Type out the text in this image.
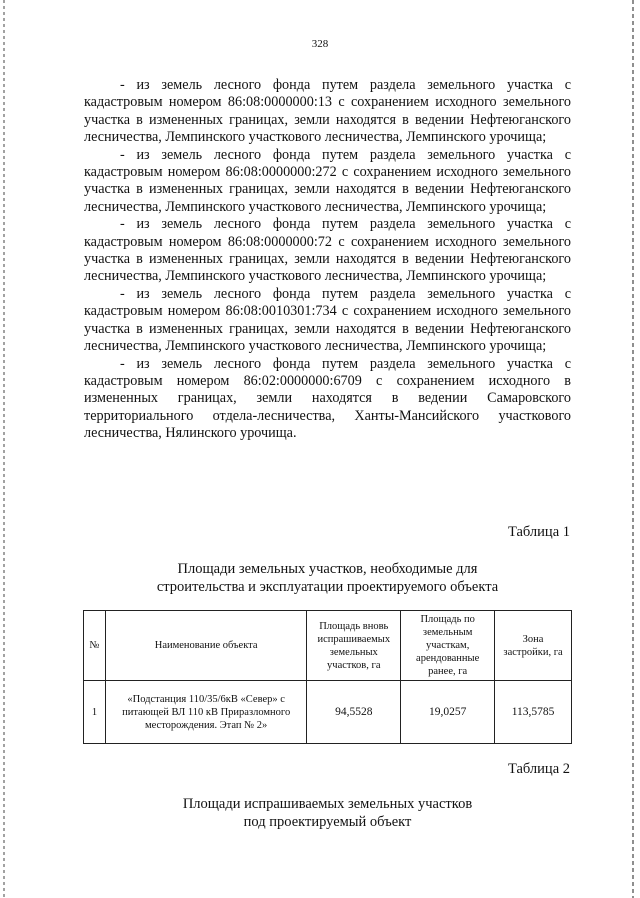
328

- из земель лесного фонда путем раздела земельного участка с кадастровым номером 86:08:0000000:13 с сохранением исходного земельного участка в измененных границах, земли находятся в ведении Нефтеюганского лесничества, Лемпинского участкового лесничества, Лемпинского урочища;

- из земель лесного фонда путем раздела земельного участка с кадастровым номером 86:08:0000000:272 с сохранением исходного земельного участка в измененных границах, земли находятся в ведении Нефтеюганского лесничества, Лемпинского участкового лесничества, Лемпинского урочища;

- из земель лесного фонда путем раздела земельного участка с кадастровым номером 86:08:0000000:72 с сохранением исходного земельного участка в измененных границах, земли находятся в ведении Нефтеюганского лесничества, Лемпинского участкового лесничества, Лемпинского урочища;

- из земель лесного фонда путем раздела земельного участка с кадастровым номером 86:08:0010301:734 с сохранением исходного земельного участка в измененных границах, земли находятся в ведении Нефтеюганского лесничества, Лемпинского участкового лесничества, Лемпинского урочища;

- из земель лесного фонда путем раздела земельного участка с кадастровым номером 86:02:0000000:6709 с сохранением исходного в измененных границах, земли находятся в ведении Самаровского территориального отдела-лесничества, Ханты-Мансийского участкового лесничества, Нялинского урочища.

Таблица 1
Площади земельных участков, необходимые для
строительства и эксплуатации проектируемого объекта
№	Наименование объекта	Площадь вновь испрашиваемых земельных участков, га	Площадь по земельным участкам, арендованные ранее, га	Зона застройки, га
1	«Подстанция 110/35/6кВ «Север» с питающей ВЛ 110 кВ Приразломного месторождения. Этап № 2»	94,5528	19,0257	113,5785
Таблица 2
Площади испрашиваемых земельных участков
под проектируемый объект
